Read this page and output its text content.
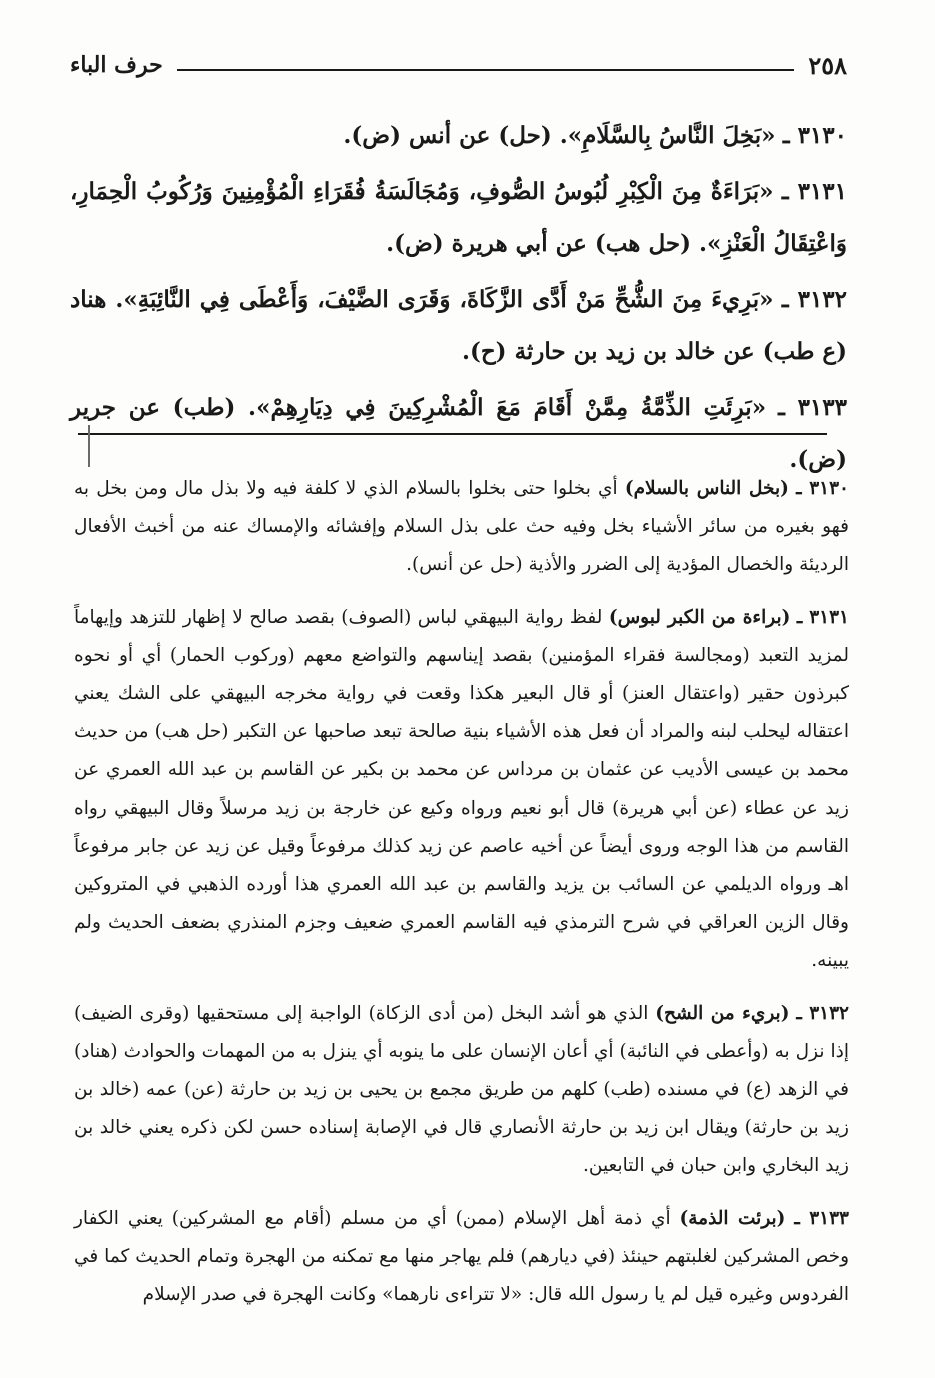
٢٥٨
حرف الباء

٣١٣٠ ـ «بَخِلَ النَّاسُ بِالسَّلَامِ». (حل) عن أنس (ض).

٣١٣١ ـ «بَرَاءَةٌ مِنَ الْكِبْرِ لُبُوسُ الصُّوفِ، وَمُجَالَسَةُ فُقَرَاءِ الْمُؤْمِنِينَ وَرُكُوبُ الْحِمَارِ، وَاعْتِقَالُ الْعَنْزِ». (حل هب) عن أبي هريرة (ض).

٣١٣٢ ـ «بَرِيءَ مِنَ الشُّحِّ مَنْ أَدَّى الزَّكَاةَ، وَقَرَى الضَّيْفَ، وَأَعْطَى فِي النَّائِبَةِ». هناد (ع طب) عن خالد بن زيد بن حارثة (ح).

٣١٣٣ ـ «بَرِئَتِ الذِّمَّةُ مِمَّنْ أَقَامَ مَعَ الْمُشْرِكِينَ فِي دِيَارِهِمْ». (طب) عن جرير (ض).

٣١٣٠ ـ (بخل الناس بالسلام) أي بخلوا حتى بخلوا بالسلام الذي لا كلفة فيه ولا بذل مال ومن بخل به فهو بغيره من سائر الأشياء بخل وفيه حث على بذل السلام وإفشائه والإمساك عنه من أخبث الأفعال الرديئة والخصال المؤدية إلى الضرر والأذية (حل عن أنس).

٣١٣١ ـ (براءة من الكبر لبوس) لفظ رواية البيهقي لباس (الصوف) بقصد صالح لا إظهار للتزهد وإيهاماً لمزيد التعبد (ومجالسة فقراء المؤمنين) بقصد إيناسهم والتواضع معهم (وركوب الحمار) أي أو نحوه كبرذون حقير (واعتقال العنز) أو قال البعير هكذا وقعت في رواية مخرجه البيهقي على الشك يعني اعتقاله ليحلب لبنه والمراد أن فعل هذه الأشياء بنية صالحة تبعد صاحبها عن التكبر (حل هب) من حديث محمد بن عيسى الأديب عن عثمان بن مرداس عن محمد بن بكير عن القاسم بن عبد الله العمري عن زيد عن عطاء (عن أبي هريرة) قال أبو نعيم ورواه وكيع عن خارجة بن زيد مرسلاً وقال البيهقي رواه القاسم من هذا الوجه وروى أيضاً عن أخيه عاصم عن زيد كذلك مرفوعاً وقيل عن زيد عن جابر مرفوعاً اهـ ورواه الديلمي عن السائب بن يزيد والقاسم بن عبد الله العمري هذا أورده الذهبي في المتروكين وقال الزين العراقي في شرح الترمذي فيه القاسم العمري ضعيف وجزم المنذري بضعف الحديث ولم يبينه.

٣١٣٢ ـ (بريء من الشح) الذي هو أشد البخل (من أدى الزكاة) الواجبة إلى مستحقيها (وقرى الضيف) إذا نزل به (وأعطى في النائبة) أي أعان الإنسان على ما ينوبه أي ينزل به من المهمات والحوادث (هناد) في الزهد (ع) في مسنده (طب) كلهم من طريق مجمع بن يحيى بن زيد بن حارثة (عن) عمه (خالد بن زيد بن حارثة) ويقال ابن زيد بن حارثة الأنصاري قال في الإصابة إسناده حسن لكن ذكره يعني خالد بن زيد البخاري وابن حبان في التابعين.

٣١٣٣ ـ (برئت الذمة) أي ذمة أهل الإسلام (ممن) أي من مسلم (أقام مع المشركين) يعني الكفار وخص المشركين لغلبتهم حينئذ (في ديارهم) فلم يهاجر منها مع تمكنه من الهجرة وتمام الحديث كما في الفردوس وغيره قيل لم يا رسول الله قال: «لا تتراءى نارهما» وكانت الهجرة في صدر الإسلام
